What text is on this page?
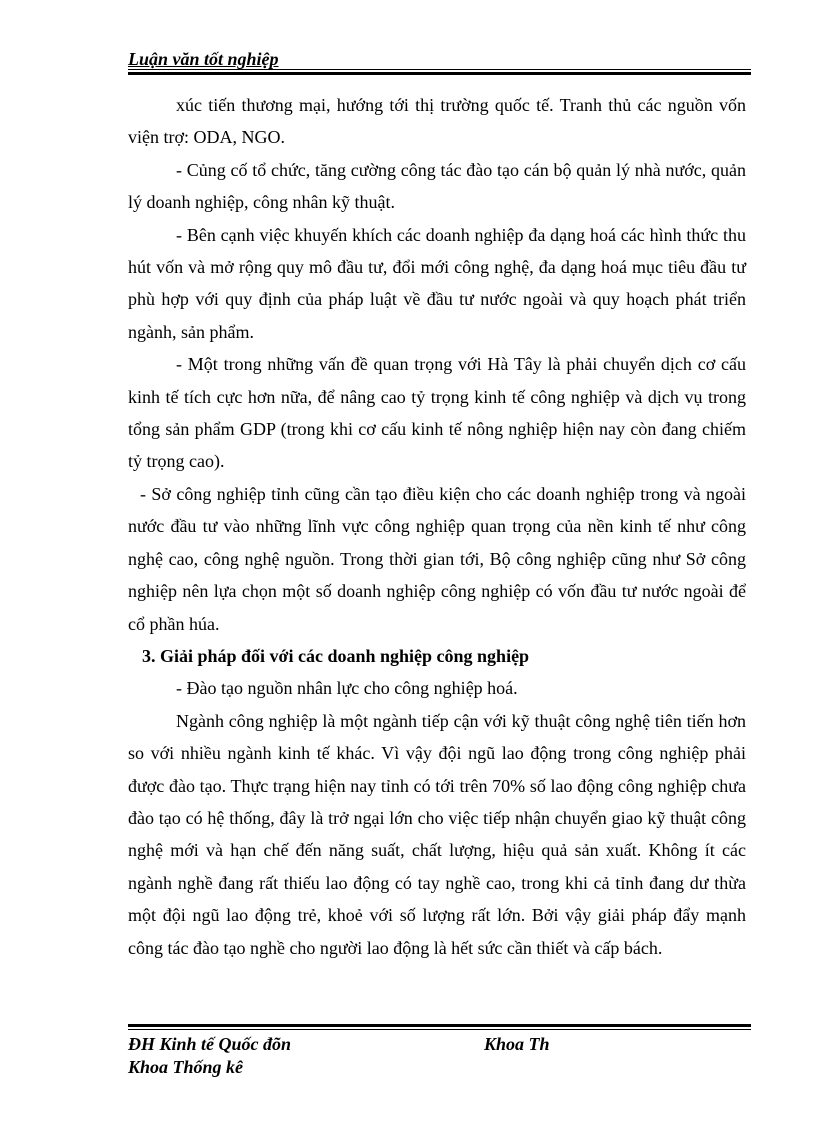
Luận văn tốt nghiệp

xúc tiến thương mại, hướng tới thị trường quốc tế. Tranh thủ các nguồn vốn viện trợ: ODA, NGO.

- Củng cố tổ chức, tăng cường công tác đào tạo cán bộ quản lý nhà nước, quản lý doanh nghiệp, công nhân kỹ thuật.

- Bên cạnh việc khuyến khích các doanh nghiệp đa dạng hoá các hình thức thu hút vốn và mở rộng quy mô đầu tư, đổi mới công nghệ, đa dạng hoá mục tiêu đầu tư phù hợp với quy định của pháp luật về đầu tư nước ngoài và quy hoạch phát triển ngành, sản phẩm.

- Một trong những vấn đề quan trọng với Hà Tây là phải chuyển dịch cơ cấu kinh tế tích cực hơn nữa, để nâng cao tỷ trọng kinh tế công nghiệp và dịch vụ trong tổng sản phẩm GDP (trong khi cơ cấu kinh tế nông nghiệp hiện nay còn đang chiếm tỷ trọng cao).

- Sở công nghiệp tỉnh cũng cần tạo điều kiện cho các doanh nghiệp trong và ngoài nước đầu tư vào những lĩnh vực công nghiệp quan trọng của nền kinh tế như công nghệ cao, công nghệ nguồn. Trong thời gian tới, Bộ công nghiệp cũng như Sở công nghiệp nên lựa chọn một số doanh nghiệp công nghiệp có vốn đầu tư nước ngoài để cổ phần húa.

3. Giải pháp đối với các doanh nghiệp công nghiệp

- Đào tạo nguồn nhân lực cho công nghiệp hoá.

Ngành công nghiệp là một ngành tiếp cận với kỹ thuật công nghệ tiên tiến hơn so với nhiều ngành kinh tế khác. Vì vậy đội ngũ lao động trong công nghiệp phải được đào tạo. Thực trạng hiện nay tỉnh có tới trên 70% số lao động công nghiệp chưa đào tạo có hệ thống, đây là trở ngại lớn cho việc tiếp nhận chuyển giao kỹ thuật công nghệ mới và hạn chế đến năng suất, chất lượng, hiệu quả sản xuất. Không ít các ngành nghề đang rất thiếu lao động có tay nghề cao, trong khi cả tỉnh đang dư thừa một đội ngũ lao động trẻ, khoẻ với số lượng rất lớn. Bởi vậy giải pháp đẩy mạnh công tác đào tạo nghề cho người lao động là hết sức cần thiết và cấp bách.

ĐH Kinh tế Quốc đõn	Khoa Th
Khoa Thống kê
